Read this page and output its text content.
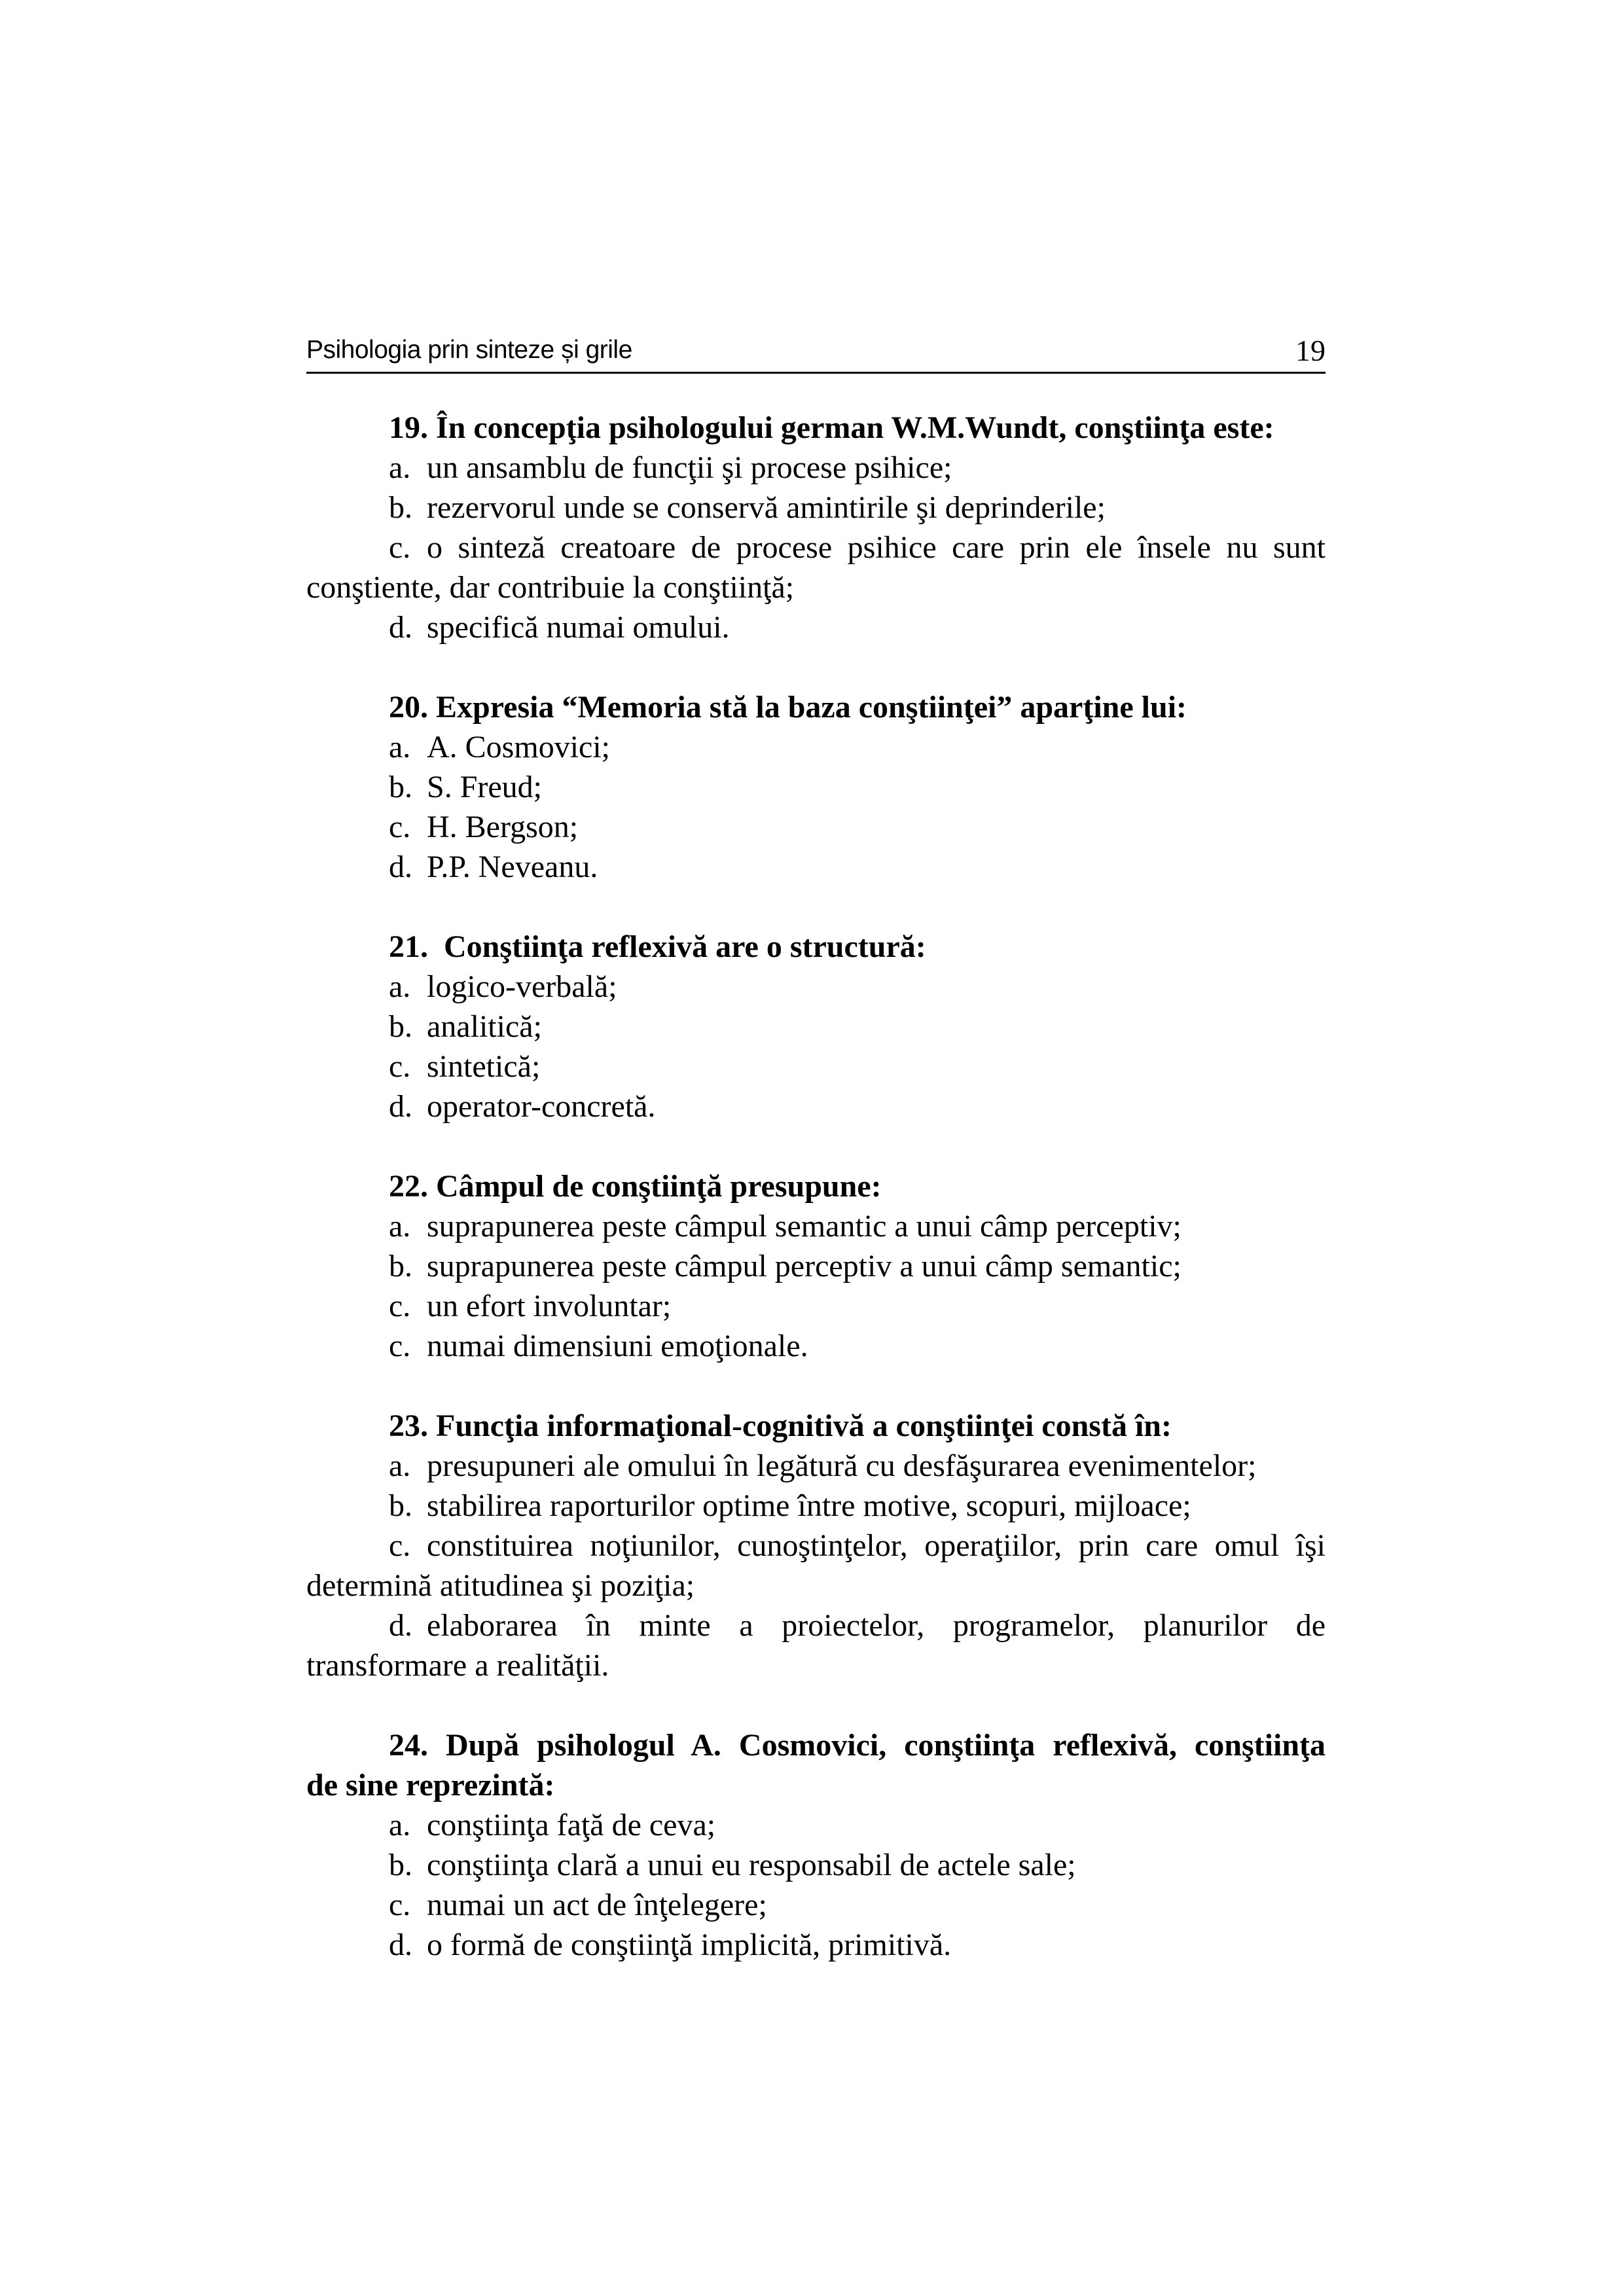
Psihologia prin sinteze și grile	19
19. În concepţia psihologului german W.M.Wundt, conştiinţa este:
a. un ansamblu de funcţii şi procese psihice;
b. rezervorul unde se conservă amintirile şi deprinderile;
c. o sinteză creatoare de procese psihice care prin ele însele nu sunt
conştiente, dar contribuie la conştiinţă;
d. specifică numai omului.
20. Expresia “Memoria stă la baza conştiinţei” aparţine lui:
a. A. Cosmovici;
b. S. Freud;
c. H. Bergson;
d. P.P. Neveanu.
21.  Conştiinţa reflexivă are o structură:
a. logico-verbală;
b. analitică;
c. sintetică;
d. operator-concretă.
22. Câmpul de conştiinţă presupune:
a. suprapunerea peste câmpul semantic a unui câmp perceptiv;
b. suprapunerea peste câmpul perceptiv a unui câmp semantic;
c. un efort involuntar;
c. numai dimensiuni emoţionale.
23. Funcţia informaţional-cognitivă a conştiinţei constă în:
a. presupuneri ale omului în legătură cu desfăşurarea evenimentelor;
b. stabilirea raporturilor optime între motive, scopuri, mijloace;
c. constituirea noţiunilor, cunoştinţelor, operaţiilor, prin care omul îşi
determină atitudinea şi poziţia;
d. elaborarea în minte a proiectelor, programelor, planurilor de
transformare a realităţii.
24. După psihologul A. Cosmovici, conştiinţa reflexivă, conştiinţa
de sine reprezintă:
a. conştiinţa faţă de ceva;
b. conştiinţa clară a unui eu responsabil de actele sale;
c. numai un act de înţelegere;
d. o formă de conştiinţă implicită, primitivă.
